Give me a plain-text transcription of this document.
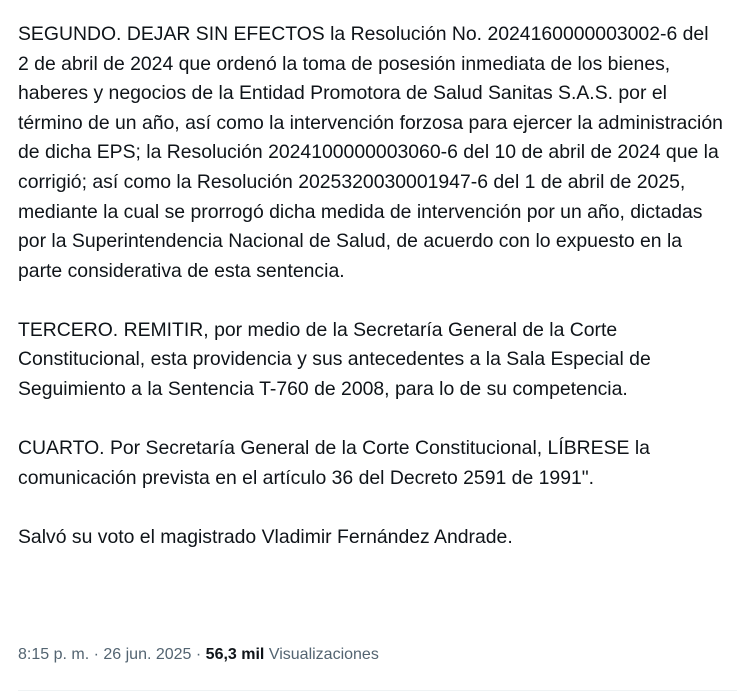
SEGUNDO. DEJAR SIN EFECTOS la Resolución No. 2024160000003002-6 del 2 de abril de 2024 que ordenó la toma de posesión inmediata de los bienes, haberes y negocios de la Entidad Promotora de Salud Sanitas S.A.S. por el término de un año, así como la intervención forzosa para ejercer la administración de dicha EPS; la Resolución 2024100000003060-6 del 10 de abril de 2024 que la corrigió; así como la Resolución 2025320030001947-6 del 1 de abril de 2025, mediante la cual se prorrogó dicha medida de intervención por un año, dictadas por la Superintendencia Nacional de Salud, de acuerdo con lo expuesto en la parte considerativa de esta sentencia.

TERCERO. REMITIR, por medio de la Secretaría General de la Corte Constitucional, esta providencia y sus antecedentes a la Sala Especial de Seguimiento a la Sentencia T-760 de 2008, para lo de su competencia.

CUARTO. Por Secretaría General de la Corte Constitucional, LÍBRESE la comunicación prevista en el artículo 36 del Decreto 2591 de 1991".

Salvó su voto el magistrado Vladimir Fernández Andrade.

8:15 p. m. · 26 jun. 2025 · 56,3 mil Visualizaciones
